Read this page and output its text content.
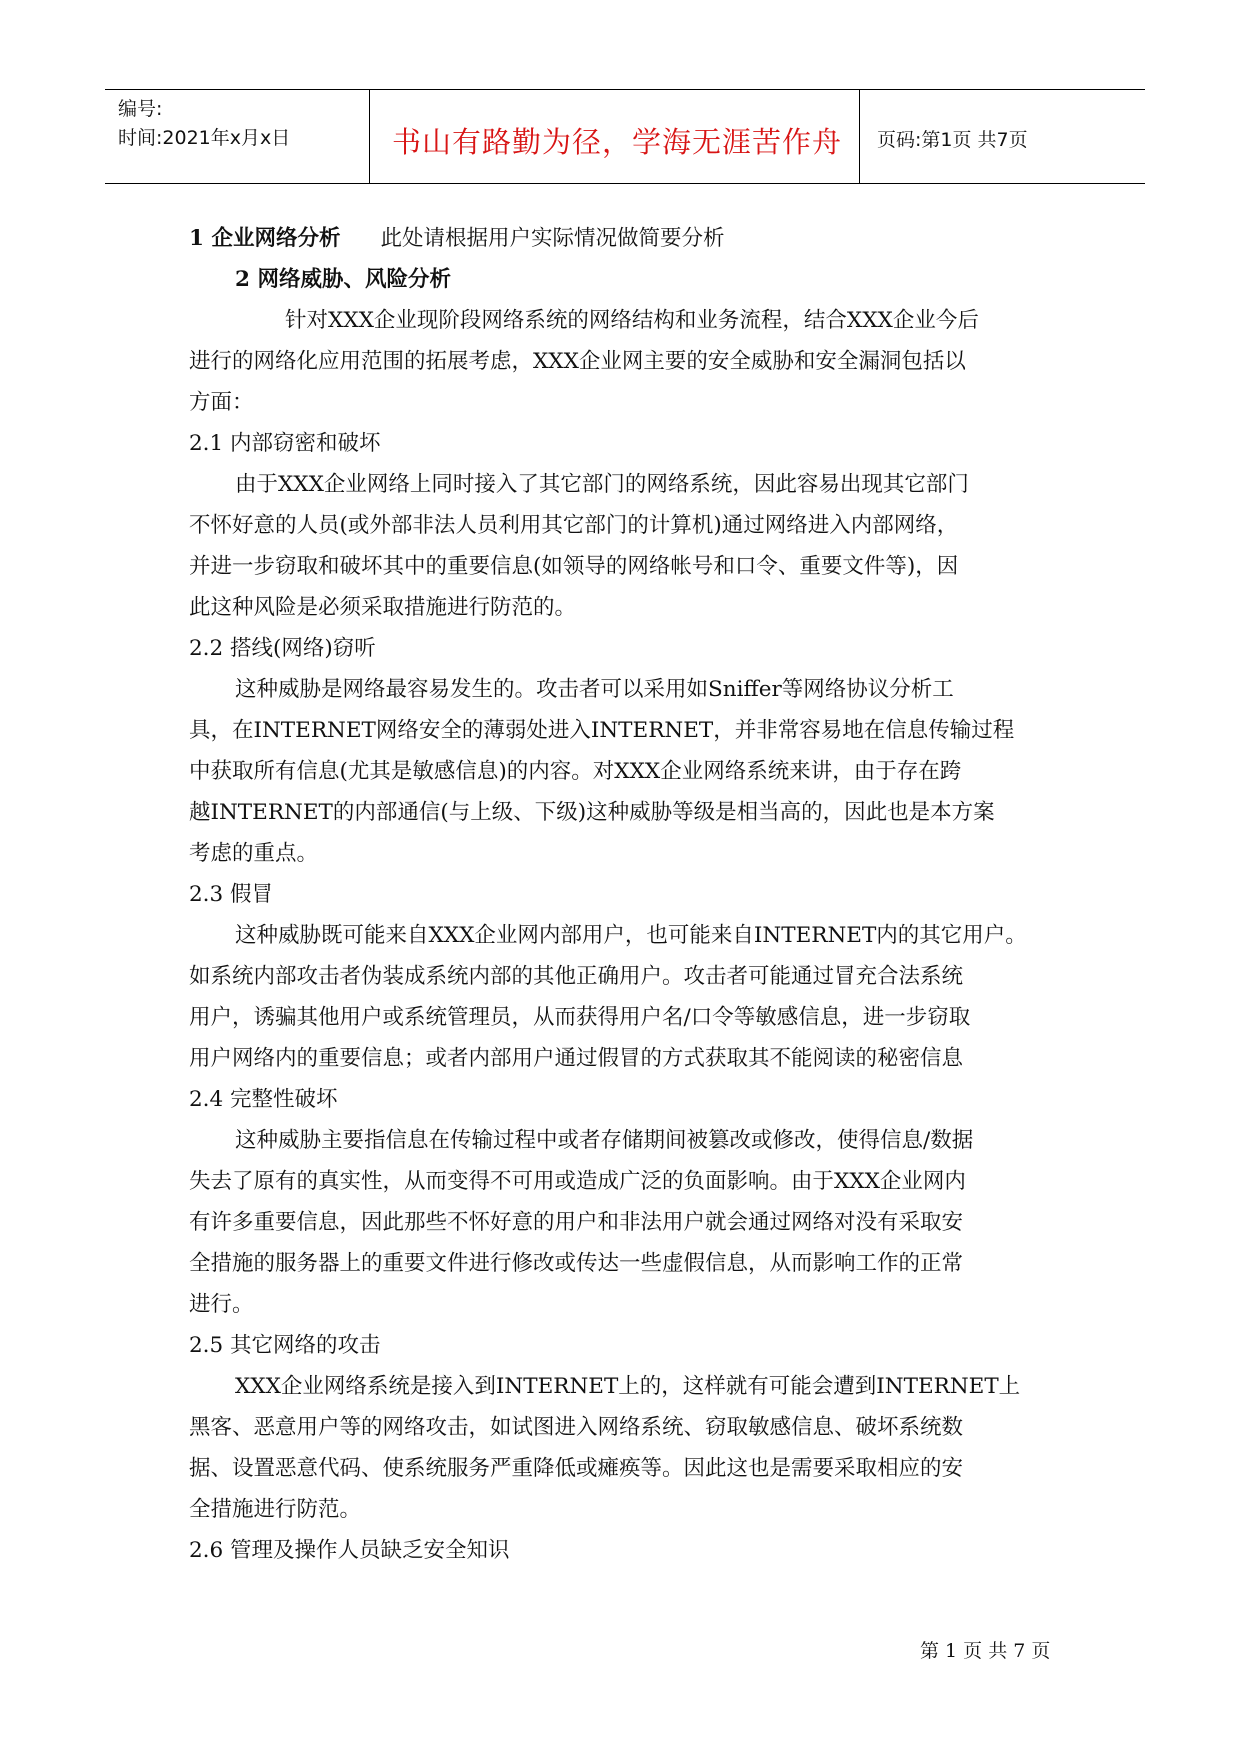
编号:
时间:2021年x月x日	书山有路勤为径，学海无涯苦作舟 页码:第1页 共7页
1 企业网络分析 此处请根据用户实际情况做简要分析
2 网络威胁、风险分析
针对XXX企业现阶段网络系统的网络结构和业务流程，结合XXX企业今后
进行的网络化应用范围的拓展考虑，XXX企业网主要的安全威胁和安全漏洞包括以
方面：
2.1 内部窃密和破坏
由于XXX企业网络上同时接入了其它部门的网络系统，因此容易出现其它部门
不怀好意的人员(或外部非法人员利用其它部门的计算机)通过网络进入内部网络，
并进一步窃取和破坏其中的重要信息(如领导的网络帐号和口令、重要文件等)，因
此这种风险是必须采取措施进行防范的。
2.2 搭线(网络)窃听
这种威胁是网络最容易发生的。攻击者可以采用如Sniffer等网络协议分析工
具，在INTERNET网络安全的薄弱处进入INTERNET，并非常容易地在信息传输过程
中获取所有信息(尤其是敏感信息)的内容。对XXX企业网络系统来讲，由于存在跨
越INTERNET的内部通信(与上级、下级)这种威胁等级是相当高的，因此也是本方案
考虑的重点。
2.3 假冒
这种威胁既可能来自XXX企业网内部用户，也可能来自INTERNET内的其它用户。
如系统内部攻击者伪装成系统内部的其他正确用户。攻击者可能通过冒充合法系统
用户，诱骗其他用户或系统管理员，从而获得用户名/口令等敏感信息，进一步窃取
用户网络内的重要信息；或者内部用户通过假冒的方式获取其不能阅读的秘密信息
2.4 完整性破坏
这种威胁主要指信息在传输过程中或者存储期间被篡改或修改，使得信息/数据
失去了原有的真实性，从而变得不可用或造成广泛的负面影响。由于XXX企业网内
有许多重要信息，因此那些不怀好意的用户和非法用户就会通过网络对没有采取安
全措施的服务器上的重要文件进行修改或传达一些虚假信息，从而影响工作的正常
进行。
2.5 其它网络的攻击
XXX企业网络系统是接入到INTERNET上的，这样就有可能会遭到INTERNET上
黑客、恶意用户等的网络攻击，如试图进入网络系统、窃取敏感信息、破坏系统数
据、设置恶意代码、使系统服务严重降低或瘫痪等。因此这也是需要采取相应的安
全措施进行防范。
2.6 管理及操作人员缺乏安全知识
第 1 页 共 7 页
